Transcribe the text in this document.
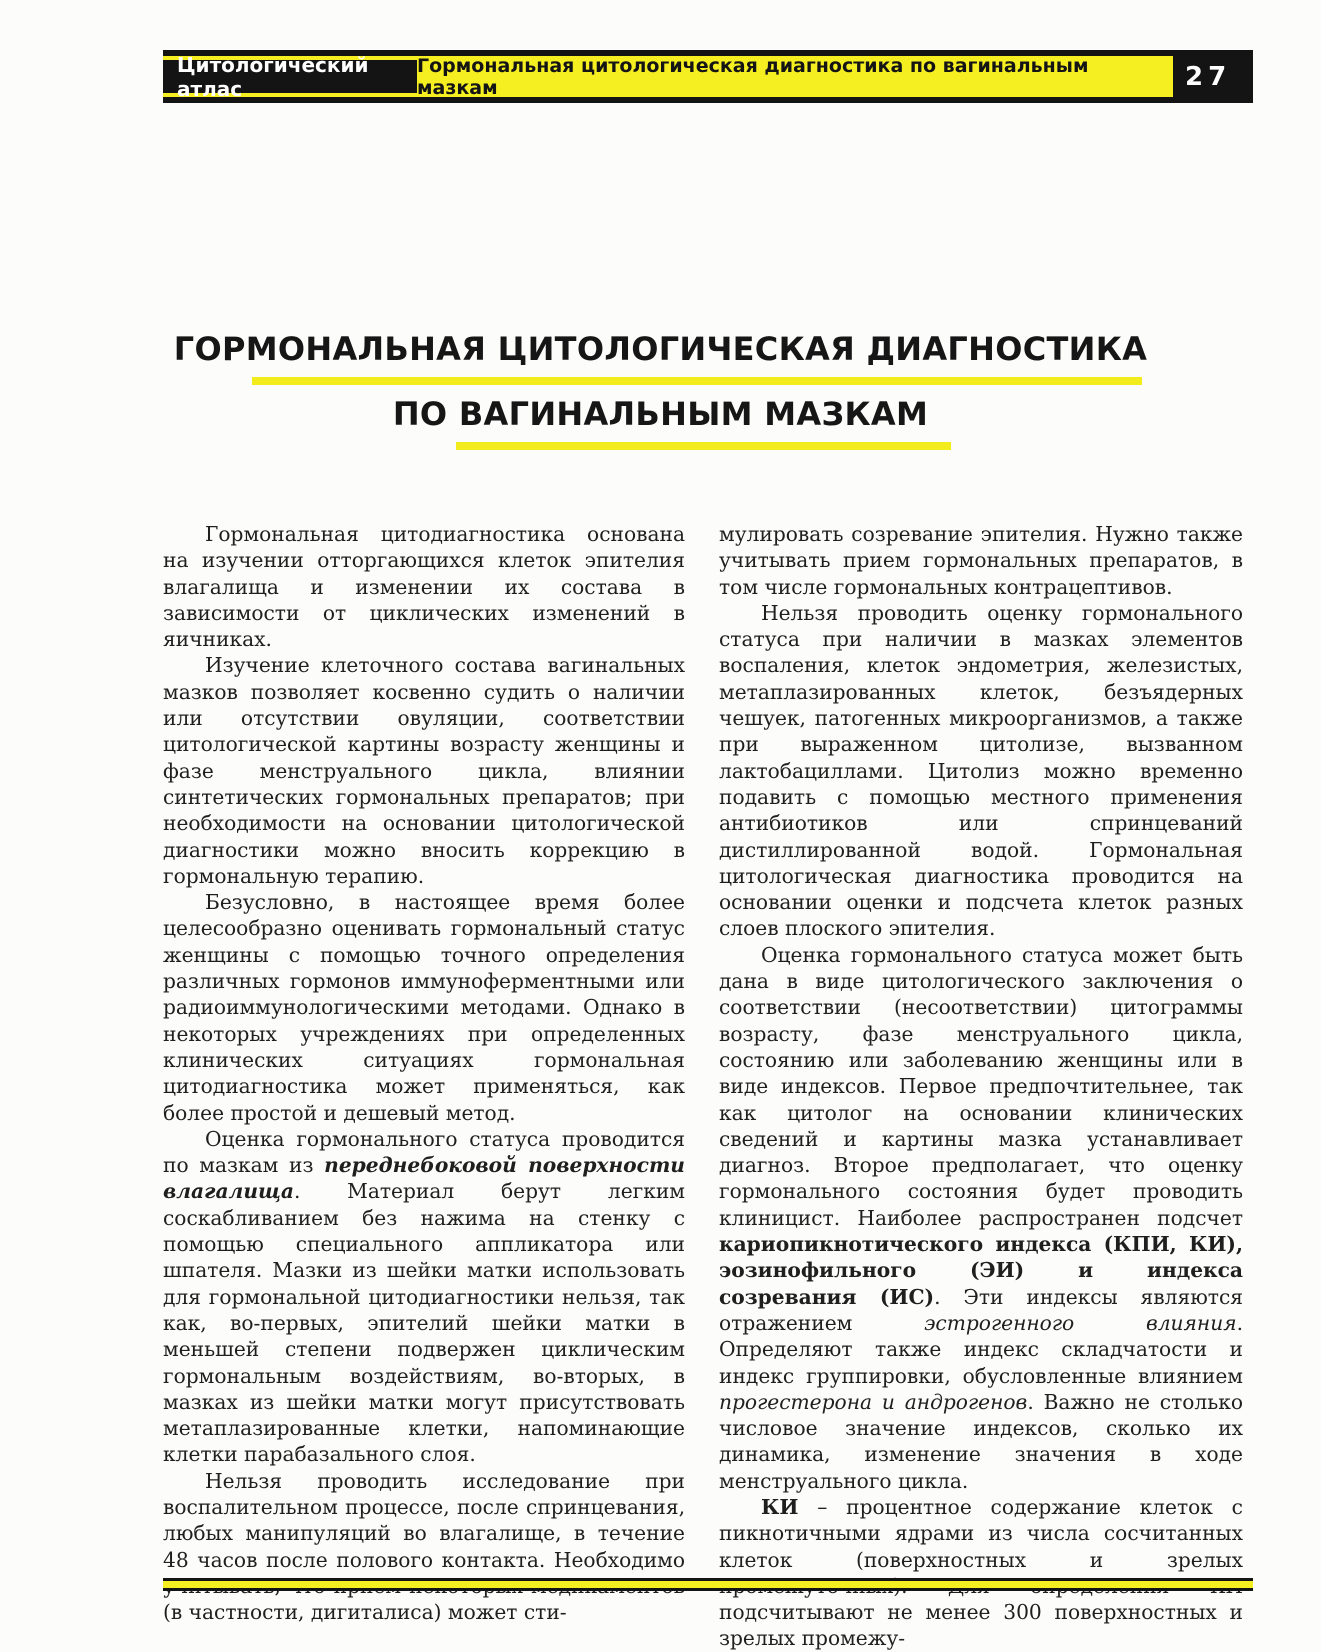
Цитологический атлас
Гормональная цитологическая диагностика по вагинальным мазкам	27
ГОРМОНАЛЬНАЯ ЦИТОЛОГИЧЕСКАЯ ДИАГНОСТИКА
ПО ВАГИНАЛЬНЫМ МАЗКАМ

Гормональная цитодиагностика основана на изучении отторгающихся клеток эпителия влагалища и изменении их состава в зависимости от циклических изменений в яичниках.

Изучение клеточного состава вагинальных мазков позволяет косвенно судить о наличии или отсутствии овуляции, соответствии цитологической картины возрасту женщины и фазе менструального цикла, влиянии синтетических гормональных препаратов; при необходимости на основании цитологической диагностики можно вносить коррекцию в гормональную терапию.

Безусловно, в настоящее время более целесообразно оценивать гормональный статус женщины с помощью точного определения различных гормонов иммуноферментными или радиоиммунологическими методами. Однако в некоторых учреждениях при определенных клинических ситуациях гормональная цитодиагностика может применяться, как более простой и дешевый метод.

Оценка гормонального статуса проводится по мазкам из переднебоковой поверхности влагалища. Материал берут легким соскабливанием без нажима на стенку с помощью специального аппликатора или шпателя. Мазки из шейки матки использовать для гормональной цитодиагностики нельзя, так как, во-первых, эпителий шейки матки в меньшей степени подвержен циклическим гормональным воздействиям, во-вторых, в мазках из шейки матки могут присутствовать метаплазированные клетки, напоминающие клетки парабазального слоя.

Нельзя проводить исследование при воспалительном процессе, после спринцевания, любых манипуляций во влагалище, в течение 48 часов после полового контакта. Необходимо (в частности, дигиталиса) может сти-

мулировать созревание эпителия. Нужно также учитывать прием гормональных препаратов, в том числе гормональных контрацептивов.

Нельзя проводить оценку гормонального статуса при наличии в мазках элементов воспаления, клеток эндометрия, железистых, метаплазированных клеток, безъядерных чешуек, патогенных микроорганизмов, а также при выраженном цитолизе, вызванном лактобациллами. Цитолиз можно временно подавить с помощью местного применения антибиотиков или спринцеваний дистиллированной водой. Гормональная цитологическая диагностика проводится на основании оценки и подсчета клеток разных слоев плоского эпителия.

Оценка гормонального статуса может быть дана в виде цитологического заключения о соответствии (несоответствии) цитограммы возрасту, фазе менструального цикла, состоянию или заболеванию женщины или в виде индексов. Первое предпочтительнее, так как цитолог на основании клинических сведений и картины мазка устанавливает диагноз. Второе предполагает, что оценку гормонального состояния будет проводить клиницист. Наиболее распространен подсчет кариопикнотического индекса (КПИ, КИ), эозинофильного (ЭИ) и индекса созревания (ИС). Эти индексы являются отражением эстрогенного влияния. Определяют также индекс складчатости и индекс группировки, обусловленные влиянием прогестерона и андрогенов. Важно не столько числовое значение индексов, сколько их динамика, изменение значения в ходе менструального цикла.

КИ – процентное содержание клеток с пикнотичными ядрами из числа сосчитанных клеток (поверхностных и зрелых подсчитывают не менее 300 поверхностных и зрелых промежу-
